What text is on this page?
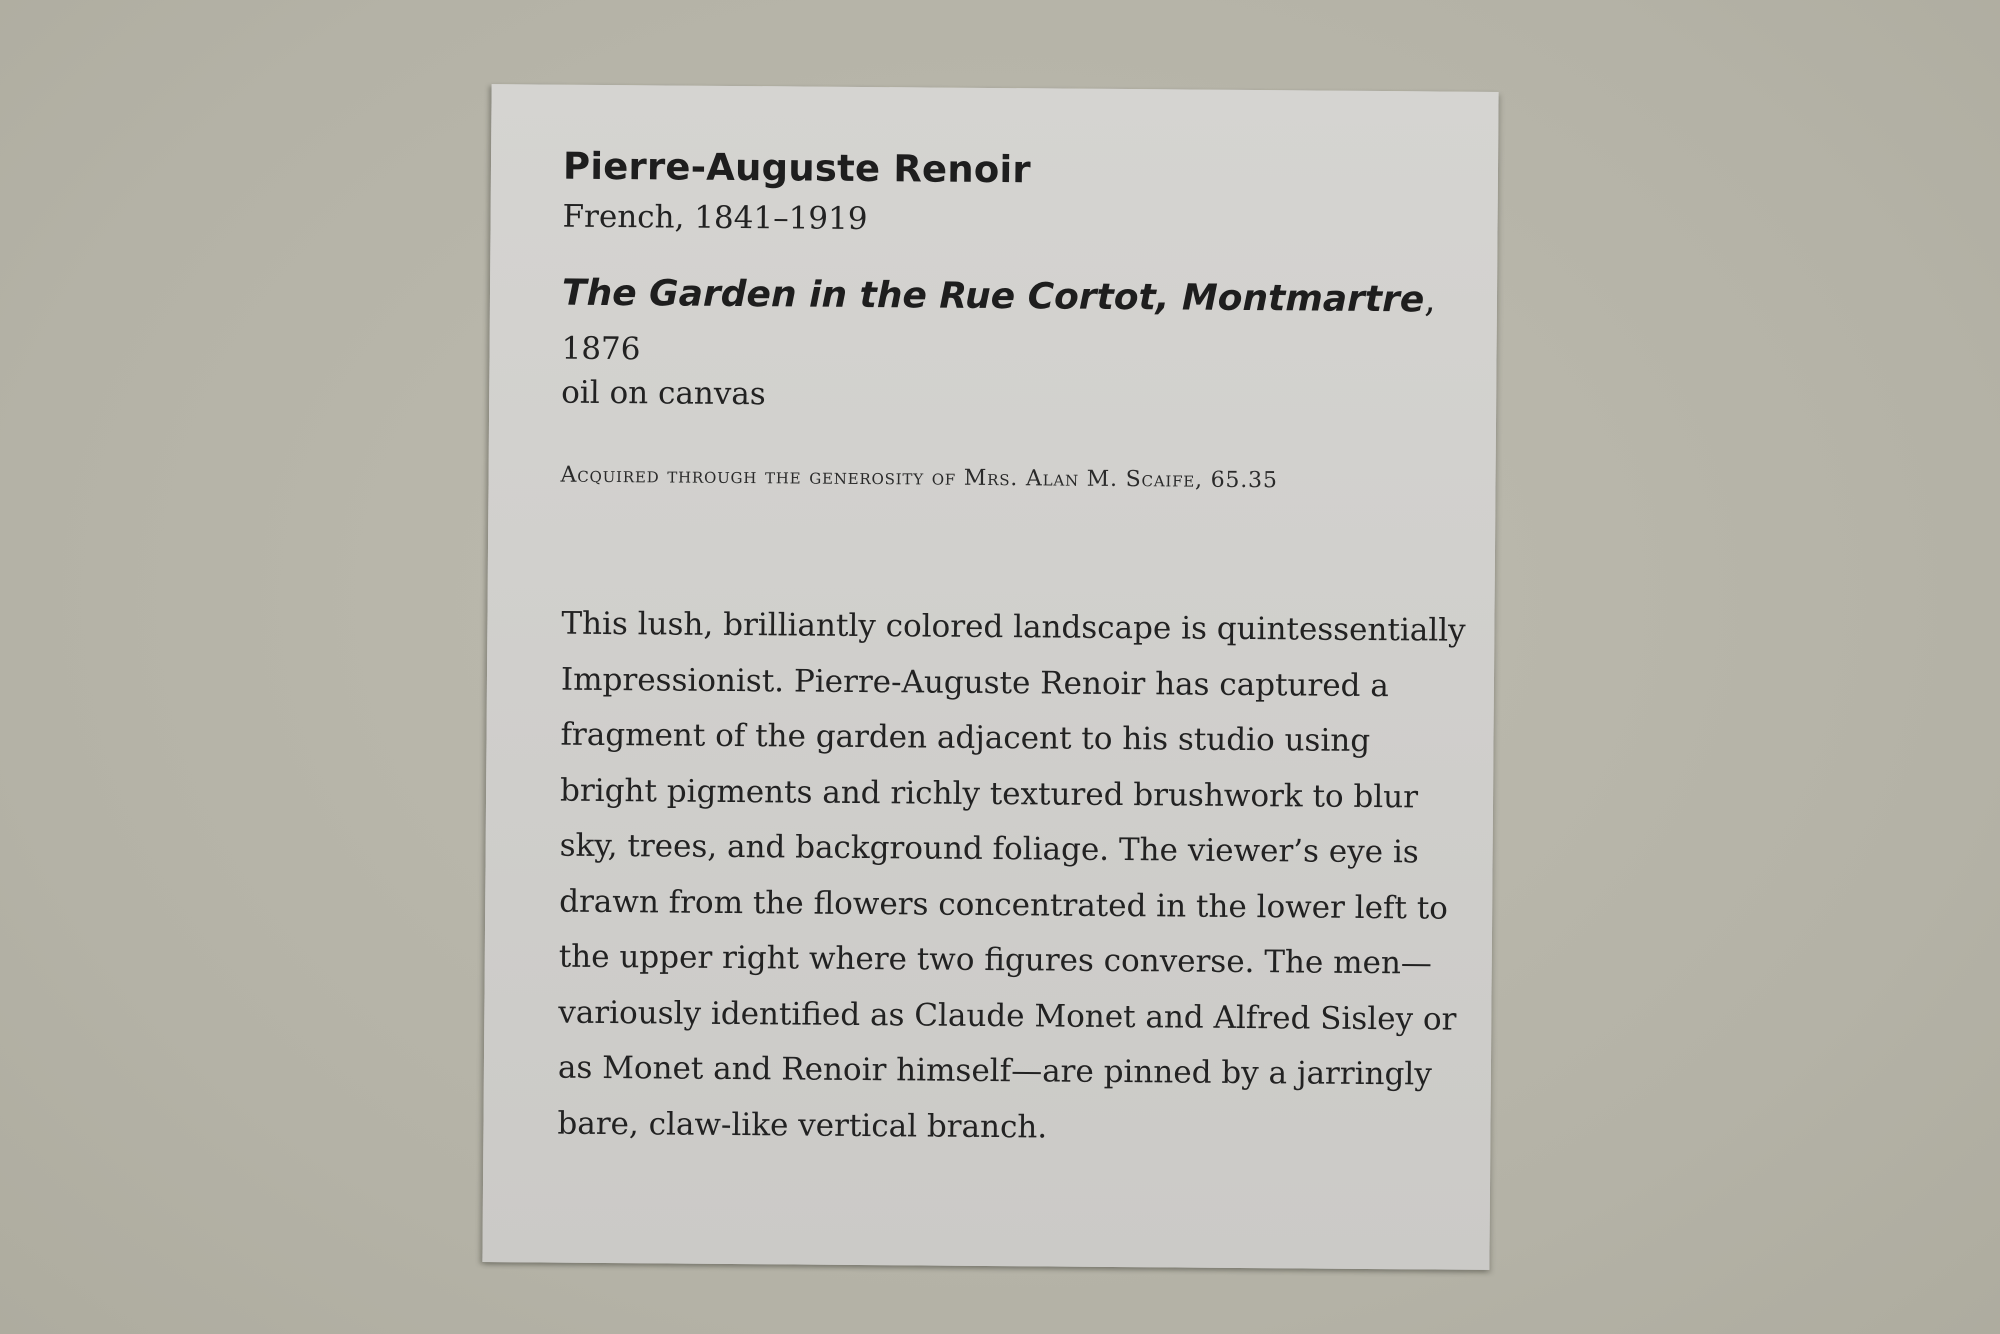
Pierre-Auguste Renoir
French, 1841–1919
The Garden in the Rue Cortot, Montmartre,
1876
oil on canvas
Acquired through the generosity of Mrs. Alan M. Scaife, 65.35
This lush, brilliantly colored landscape is quintessentially
Impressionist. Pierre-Auguste Renoir has captured a
fragment of the garden adjacent to his studio using
bright pigments and richly textured brushwork to blur
sky, trees, and background foliage. The viewer’s eye is
drawn from the flowers concentrated in the lower left to
the upper right where two figures converse. The men—
variously identified as Claude Monet and Alfred Sisley or
as Monet and Renoir himself—are pinned by a jarringly
bare, claw-like vertical branch.
